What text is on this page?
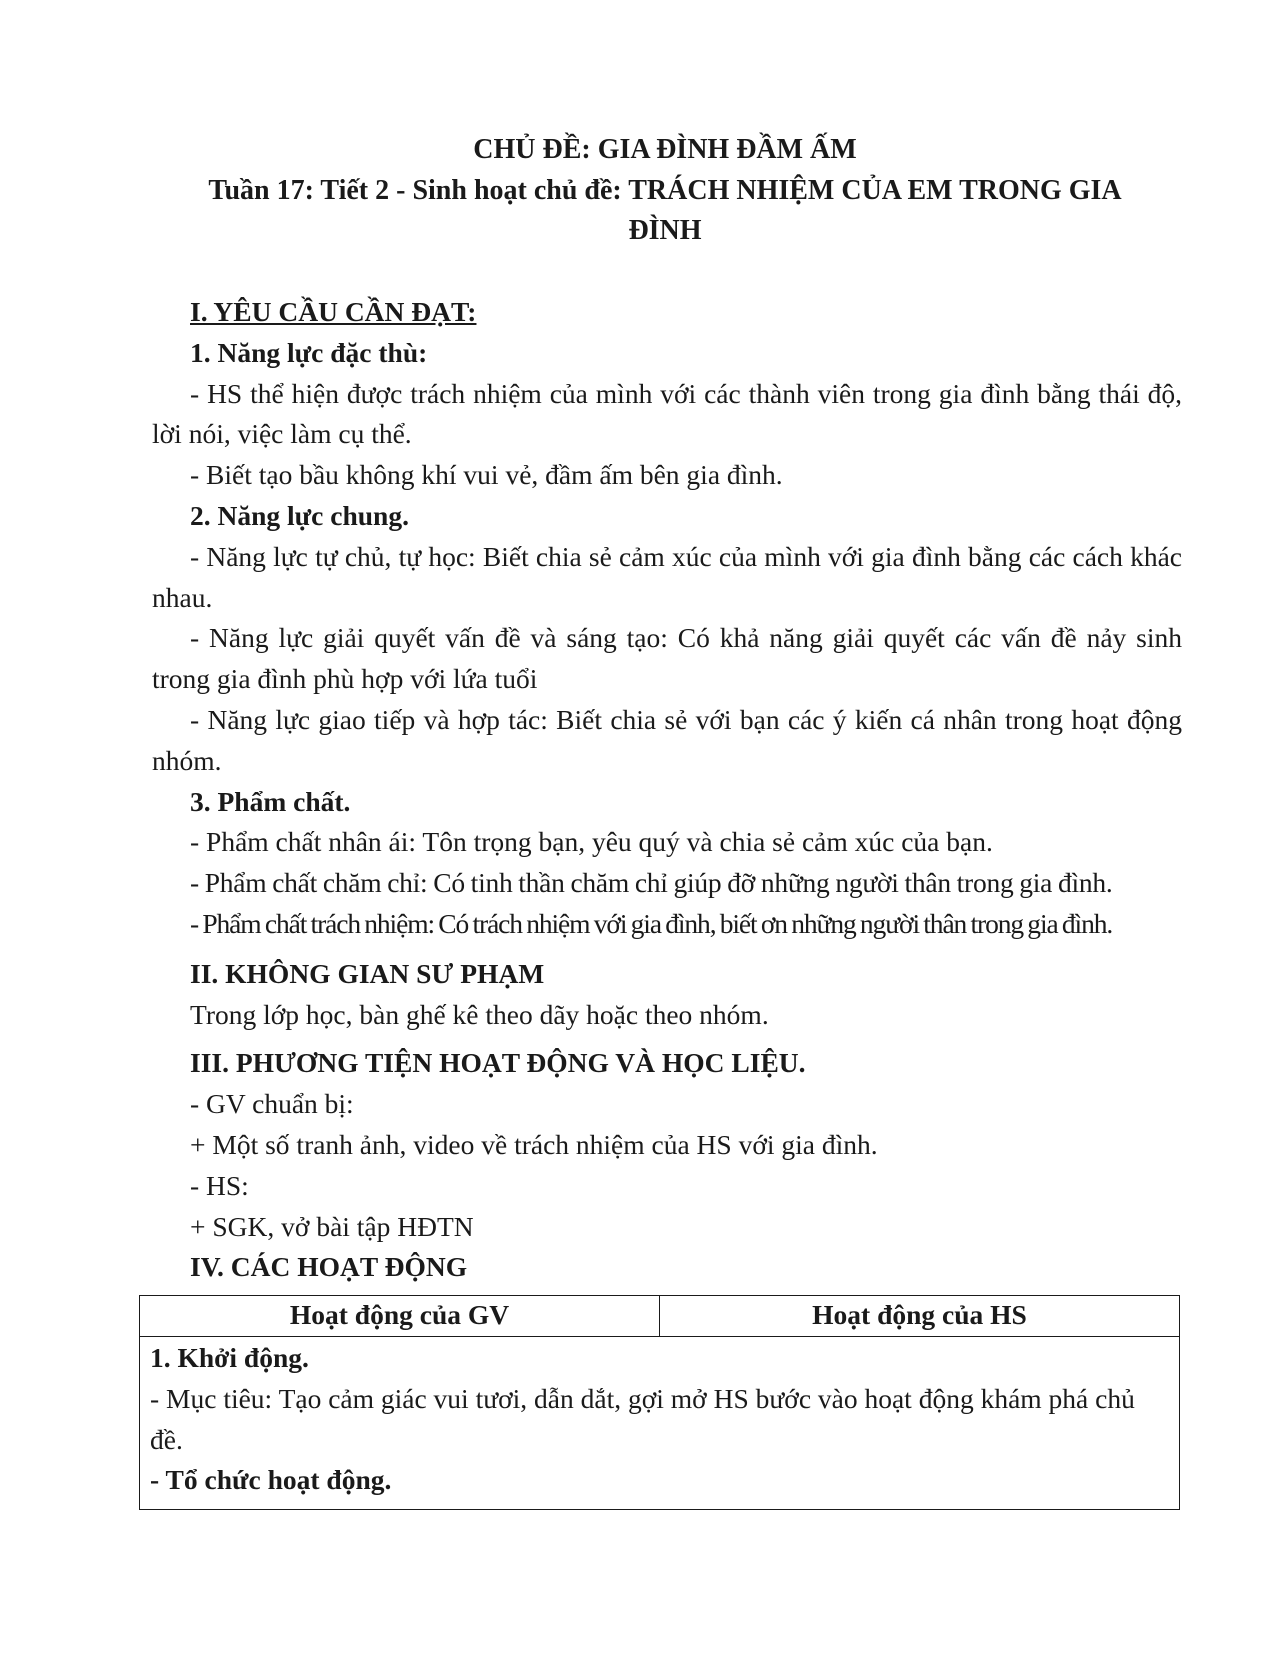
CHỦ ĐỀ: GIA ĐÌNH ĐẦM ẤM

Tuần 17: Tiết 2 - Sinh hoạt chủ đề: TRÁCH NHIỆM CỦA EM TRONG GIA
ĐÌNH

I. YÊU CẦU CẦN ĐẠT:

1. Năng lực đặc thù:

- HS thể hiện được trách nhiệm của mình với các thành viên trong gia đình bằng thái độ, lời nói, việc làm cụ thể.

- Biết tạo bầu không khí vui vẻ, đầm ấm bên gia đình.

2. Năng lực chung.

- Năng lực tự chủ, tự học: Biết chia sẻ cảm xúc của mình với gia đình bằng các cách khác nhau.

- Năng lực giải quyết vấn đề và sáng tạo: Có khả năng giải quyết các vấn đề nảy sinh trong gia đình phù hợp với lứa tuổi

- Năng lực giao tiếp và hợp tác: Biết chia sẻ với bạn các ý kiến cá nhân trong hoạt động nhóm.

3. Phẩm chất.

- Phẩm chất nhân ái: Tôn trọng bạn, yêu quý và chia sẻ cảm xúc của bạn.

- Phẩm chất chăm chỉ: Có tinh thần chăm chỉ giúp đỡ những người thân trong gia đình.

- Phẩm chất trách nhiệm: Có trách nhiệm với gia đình, biết ơn những người thân trong gia đình.

II. KHÔNG GIAN SƯ PHẠM

Trong lớp học, bàn ghế kê theo dãy hoặc theo nhóm.

III. PHƯƠNG TIỆN HOẠT ĐỘNG VÀ HỌC LIỆU.

- GV chuẩn bị:

+ Một số tranh ảnh, video về trách nhiệm của HS với gia đình.

- HS:

+ SGK, vở bài tập HĐTN

IV. CÁC HOẠT ĐỘNG

Hoạt động của GV	Hoạt động của HS

1. Khởi động.

- Mục tiêu: Tạo cảm giác vui tươi, dẫn dắt, gợi mở HS bước vào hoạt động khám phá chủ đề.

- Tổ chức hoạt động.
